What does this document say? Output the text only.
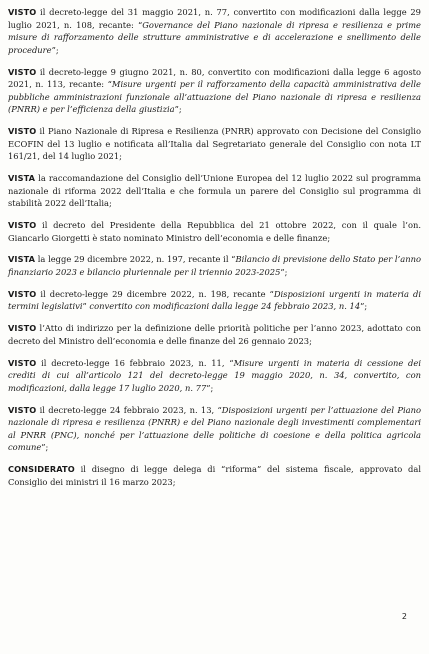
VISTO il decreto-legge del 31 maggio 2021, n. 77, convertito con modificazioni dalla legge 29 luglio 2021, n. 108, recante: “Governance del Piano nazionale di ripresa e resilienza e prime misure di rafforzamento delle strutture amministrative e di accelerazione e snellimento delle procedure”;

VISTO il decreto-legge 9 giugno 2021, n. 80, convertito con modificazioni dalla legge 6 agosto 2021, n. 113, recante: “Misure urgenti per il rafforzamento della capacità amministrativa delle pubbliche amministrazioni funzionale all’attuazione del Piano nazionale di ripresa e resilienza (PNRR) e per l’efficienza della giustizia”;

VISTO il Piano Nazionale di Ripresa e Resilienza (PNRR) approvato con Decisione del Consiglio ECOFIN del 13 luglio e notificata all’Italia dal Segretariato generale del Consiglio con nota LT 161/21, del 14 luglio 2021;

VISTA la raccomandazione del Consiglio dell’Unione Europea del 12 luglio 2022 sul programma nazionale di riforma 2022 dell’Italia e che formula un parere del Consiglio sul programma di stabilità 2022 dell’Italia;

VISTO il decreto del Presidente della Repubblica del 21 ottobre 2022, con il quale l’on. Giancarlo Giorgetti è stato nominato Ministro dell’economia e delle finanze;

VISTA la legge 29 dicembre 2022, n. 197, recante il “Bilancio di previsione dello Stato per l’anno finanziario 2023 e bilancio pluriennale per il triennio 2023-2025”;

VISTO il decreto-legge 29 dicembre 2022, n. 198, recante “Disposizioni urgenti in materia di termini legislativi” convertito con modificazioni dalla legge 24 febbraio 2023, n. 14”;

VISTO l’Atto di indirizzo per la definizione delle priorità politiche per l’anno 2023, adottato con decreto del Ministro dell’economia e delle finanze del 26 gennaio 2023;

VISTO il decreto-legge 16 febbraio 2023, n. 11, “Misure urgenti in materia di cessione dei crediti di cui all’articolo 121 del decreto-legge 19 maggio 2020, n. 34, convertito, con modificazioni, dalla legge 17 luglio 2020, n. 77”;

VISTO il decreto-legge 24 febbraio 2023, n. 13, “Disposizioni urgenti per l’attuazione del Piano nazionale di ripresa e resilienza (PNRR) e del Piano nazionale degli investimenti complementari al PNRR (PNC), nonché per l’attuazione delle politiche di coesione e della politica agricola comune”;

CONSIDERATO il disegno di legge delega di “riforma” del sistema fiscale, approvato dal Consiglio dei ministri il 16 marzo 2023;

2
